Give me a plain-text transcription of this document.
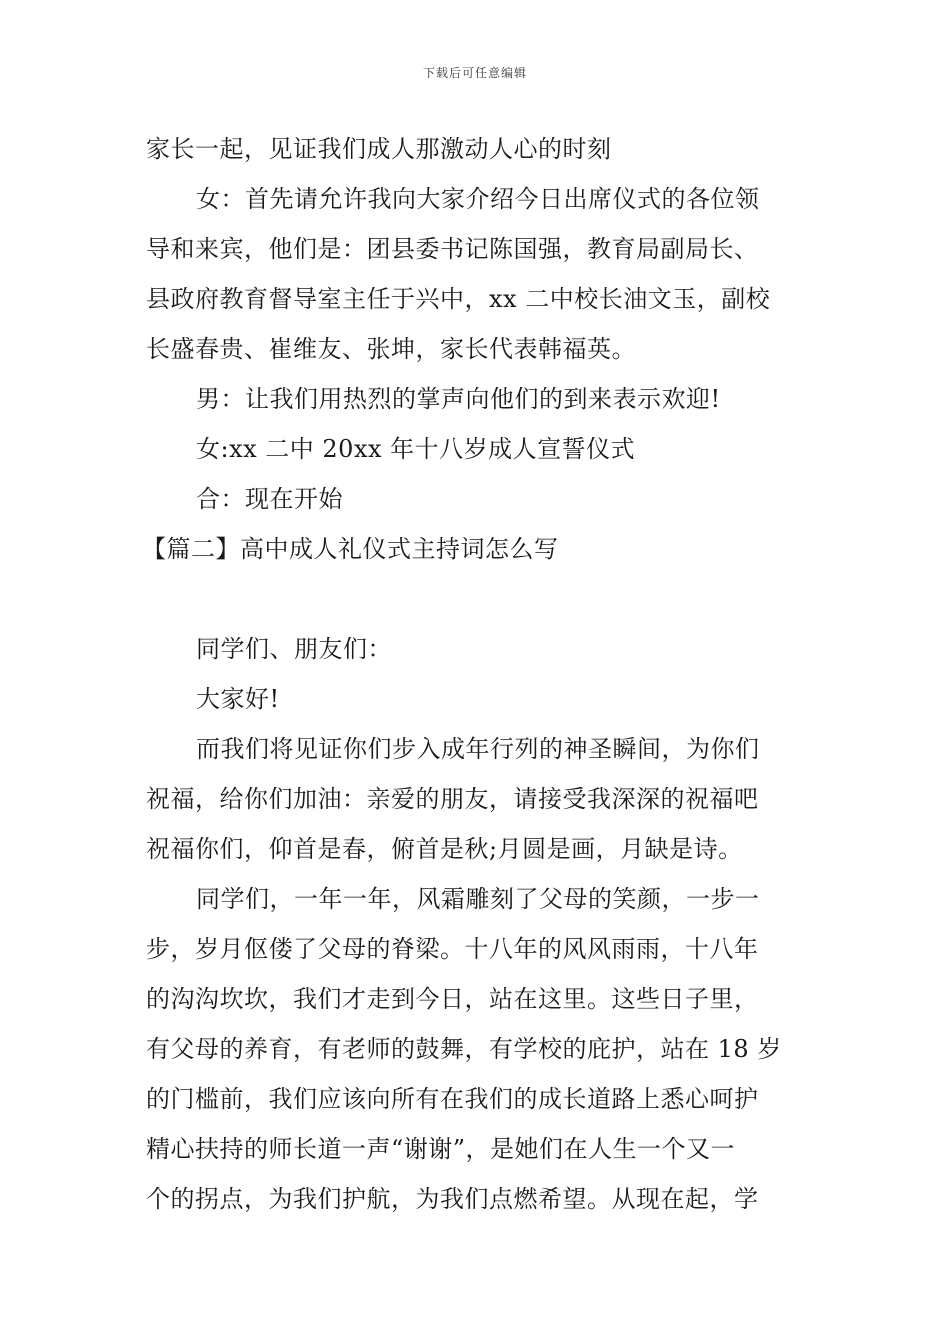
下载后可任意编辑
家长一起，见证我们成人那激动人心的时刻
女：首先请允许我向大家介绍今日出席仪式的各位领
导和来宾，他们是：团县委书记陈国强，教育局副局长、
县政府教育督导室主任于兴中，xx 二中校长油文玉，副校
长盛春贵、崔维友、张坤，家长代表韩福英。
男：让我们用热烈的掌声向他们的到来表示欢迎!
女:xx 二中 20xx 年十八岁成人宣誓仪式
合：现在开始
【篇二】高中成人礼仪式主持词怎么写
同学们、朋友们：
大家好!
而我们将见证你们步入成年行列的神圣瞬间，为你们
祝福，给你们加油：亲爱的朋友，请接受我深深的祝福吧
祝福你们，仰首是春，俯首是秋;月圆是画，月缺是诗。
同学们，一年一年，风霜雕刻了父母的笑颜，一步一
步，岁月伛偻了父母的脊梁。十八年的风风雨雨，十八年
的沟沟坎坎，我们才走到今日，站在这里。这些日子里，
有父母的养育，有老师的鼓舞，有学校的庇护，站在 18 岁
的门槛前，我们应该向所有在我们的成长道路上悉心呵护
精心扶持的师长道一声“谢谢”，是她们在人生一个又一
个的拐点，为我们护航，为我们点燃希望。从现在起，学
